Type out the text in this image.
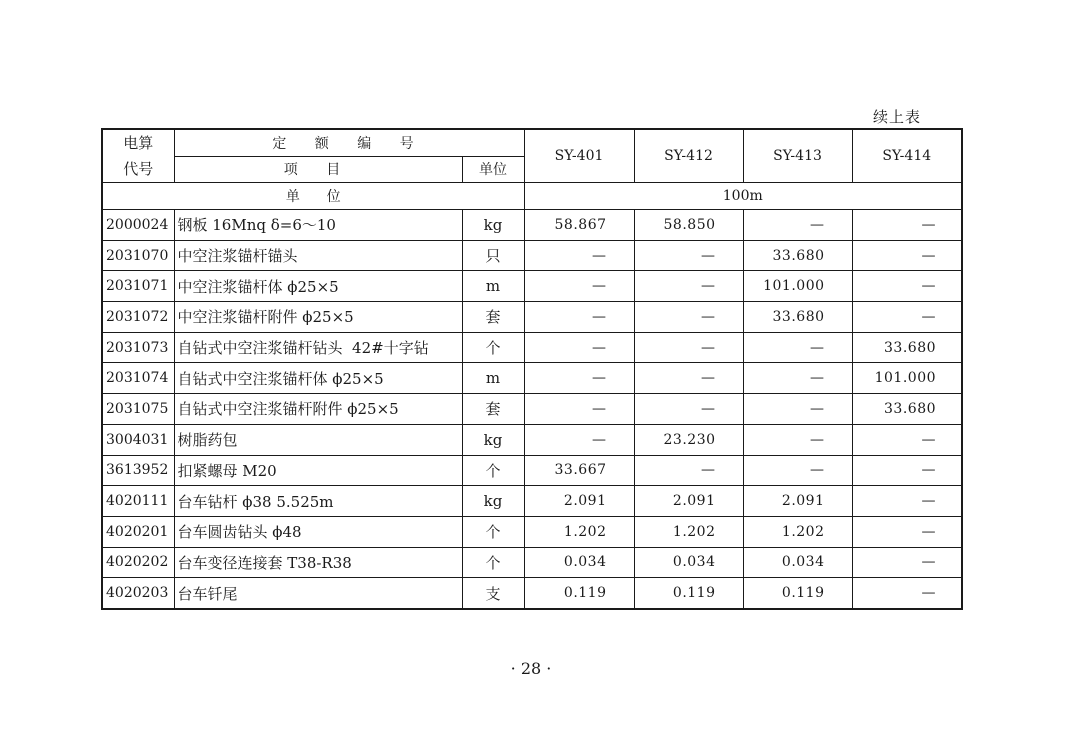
续上表
电算
代号	定 额 编 号		SY-401	SY-412	SY-413	SY-414
	项 目	单位				
单      位			100m			
2000024	钢板 16Mnq δ=6～10	kg	58.867	58.850	—	—
2031070	中空注浆锚杆锚头	只	—	—	33.680	—
2031071	中空注浆锚杆体 ϕ25×5	m	—	—	101.000	—
2031072	中空注浆锚杆附件 ϕ25×5	套	—	—	33.680	—
2031073	自钻式中空注浆锚杆钻头  42#十字钻	个	—	—	—	33.680
2031074	自钻式中空注浆锚杆体 ϕ25×5	m	—	—	—	101.000
2031075	自钻式中空注浆锚杆附件 ϕ25×5	套	—	—	—	33.680
3004031	树脂药包	kg	—	23.230	—	—
3613952	扣紧螺母 M20	个	33.667	—	—	—
4020111	台车钻杆 ϕ38 5.525m	kg	2.091	2.091	2.091	—
4020201	台车圆齿钻头 ϕ48	个	1.202	1.202	1.202	—
4020202	台车变径连接套 T38-R38	个	0.034	0.034	0.034	—
4020203	台车钎尾	支	0.119	0.119	0.119	—
· 28 ·
